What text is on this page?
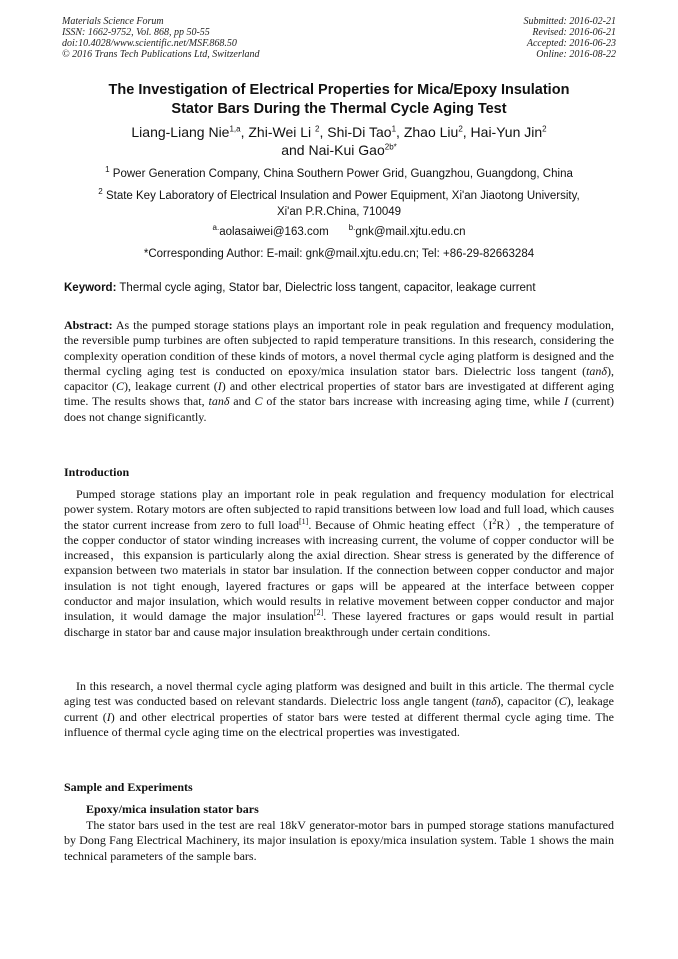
Materials Science Forum
ISSN: 1662-9752, Vol. 868, pp 50-55
doi:10.4028/www.scientific.net/MSF.868.50
© 2016 Trans Tech Publications Ltd, Switzerland
Submitted: 2016-02-21
Revised: 2016-06-21
Accepted: 2016-06-23
Online: 2016-08-22
The Investigation of Electrical Properties for Mica/Epoxy Insulation
Stator Bars During the Thermal Cycle Aging Test
Liang-Liang Nie$^{1,a}$, Zhi-Wei Li $^2$, Shi-Di Tao$^1$, Zhao Liu$^2$, Hai-Yun Jin$^2$
and Nai-Kui Gao$^{2b*}$
$^1$ Power Generation Company, China Southern Power Grid, Guangzhou, Guangdong, China
$^2$ State Key Laboratory of Electrical Insulation and Power Equipment, Xi'an Jiaotong University,
Xi'an P.R.China, 710049
$^{a.}$aolasaiwei@163.com	$^{b.}$gnk@mail.xjtu.edu.cn
*Corresponding Author: E-mail: gnk@mail.xjtu.edu.cn; Tel: +86-29-82663284
Keyword: Thermal cycle aging, Stator bar, Dielectric loss tangent, capacitor, leakage current
Abstract: As the pumped storage stations plays an important role in peak regulation and frequency modulation, the reversible pump turbines are often subjected to rapid temperature transitions. In this research, considering the complexity operation condition of these kinds of motors, a novel thermal cycle aging platform is designed and the thermal cycling aging test is conducted on epoxy/mica insulation stator bars. Dielectric loss tangent (tanδ), capacitor (C), leakage current (I) and other electrical properties of stator bars are investigated at different aging time. The results shows that, tanδ and C of the stator bars increase with increasing aging time, while I (current) does not change significantly.
Introduction
Pumped storage stations play an important role in peak regulation and frequency modulation for electrical power system. Rotary motors are often subjected to rapid transitions between low load and full load, which causes the stator current increase from zero to full load[1]. Because of Ohmic heating $effect(I^2R)$, the temperature of the copper conductor of stator winding increases with increasing current, the volume of copper conductor will be increased，this expansion is particularly along the axial direction. Shear stress is generated by the difference of expansion between two materials in stator bar insulation. If the connection between copper conductor and major insulation is not tight enough, layered fractures or gaps will be appeared at the interface between copper conductor and major insulation, which would results in relative movement between copper conductor and major insulation, it would damage the major insulation[2]. These layered fractures or gaps would result in partial discharge in stator bar and cause major insulation breakthrough under certain conditions.
In this research, a novel thermal cycle aging platform was designed and built in this article. The thermal cycle aging test was conducted based on relevant standards. Dielectric loss angle tangent (tanδ), capacitor (C), leakage current (I) and other electrical properties of stator bars were tested at different thermal cycle aging time. The influence of thermal cycle aging time on the electrical properties was investigated.
Sample and Experiments
Epoxy/mica insulation stator bars
The stator bars used in the test are real 18kV generator-motor bars in pumped storage stations manufactured by Dong Fang Electrical Machinery, its major insulation is epoxy/mica insulation system. Table 1 shows the main technical parameters of the sample bars.
